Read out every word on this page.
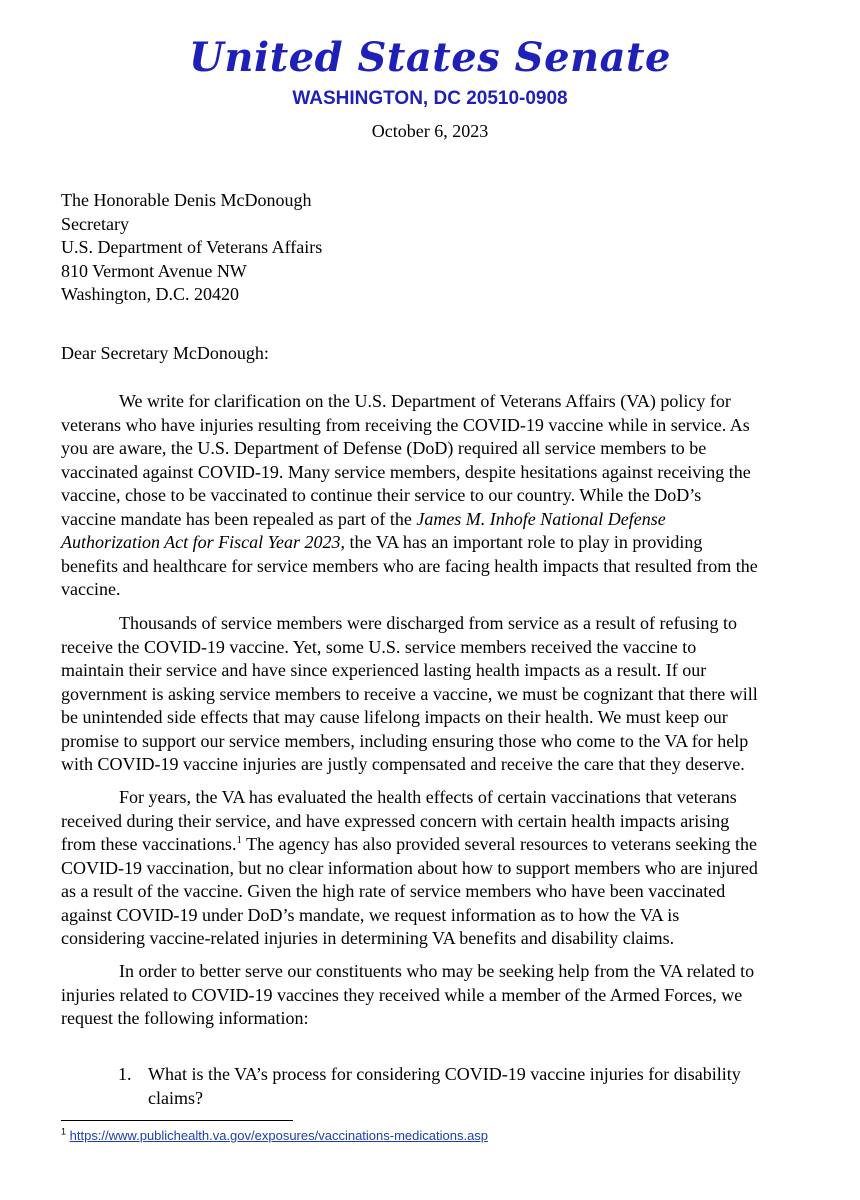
United States Senate
WASHINGTON, DC 20510-0908
October 6, 2023
The Honorable Denis McDonough
Secretary
U.S. Department of Veterans Affairs
810 Vermont Avenue NW
Washington, D.C. 20420
Dear Secretary McDonough:
We write for clarification on the U.S. Department of Veterans Affairs (VA) policy for
veterans who have injuries resulting from receiving the COVID-19 vaccine while in service. As
you are aware, the U.S. Department of Defense (DoD) required all service members to be
vaccinated against COVID-19. Many service members, despite hesitations against receiving the
vaccine, chose to be vaccinated to continue their service to our country. While the DoD’s
vaccine mandate has been repealed as part of the James M. Inhofe National Defense
Authorization Act for Fiscal Year 2023, the VA has an important role to play in providing
benefits and healthcare for service members who are facing health impacts that resulted from the
vaccine.
Thousands of service members were discharged from service as a result of refusing to
receive the COVID-19 vaccine. Yet, some U.S. service members received the vaccine to
maintain their service and have since experienced lasting health impacts as a result. If our
government is asking service members to receive a vaccine, we must be cognizant that there will
be unintended side effects that may cause lifelong impacts on their health. We must keep our
promise to support our service members, including ensuring those who come to the VA for help
with COVID-19 vaccine injuries are justly compensated and receive the care that they deserve.
For years, the VA has evaluated the health effects of certain vaccinations that veterans
received during their service, and have expressed concern with certain health impacts arising
from these vaccinations.$^1$ The agency has also provided several resources to veterans seeking the
COVID-19 vaccination, but no clear information about how to support members who are injured
as a result of the vaccine. Given the high rate of service members who have been vaccinated
against COVID-19 under DoD’s mandate, we request information as to how the VA is
considering vaccine-related injuries in determining VA benefits and disability claims.
In order to better serve our constituents who may be seeking help from the VA related to
injuries related to COVID-19 vaccines they received while a member of the Armed Forces, we
request the following information:
1. What is the VA’s process for considering COVID-19 vaccine injuries for disability
claims?
$^1$ https://www.publichealth.va.gov/exposures/vaccinations-medications.asp
